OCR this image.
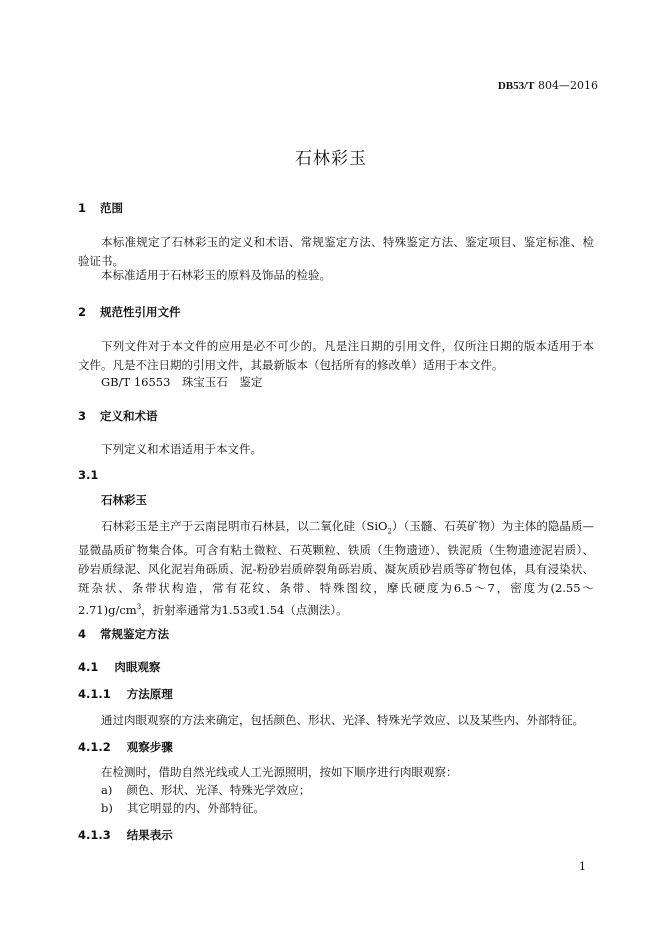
DB53/T 804—2016
石林彩玉
1 范围
本标准规定了石林彩玉的定义和术语、常规鉴定方法、特殊鉴定方法、鉴定项目、鉴定标准、检验证书。
本标准适用于石林彩玉的原料及饰品的检验。
2 规范性引用文件
下列文件对于本文件的应用是必不可少的。凡是注日期的引用文件，仅所注日期的版本适用于本文件。凡是不注日期的引用文件，其最新版本（包括所有的修改单）适用于本文件。
GB/T 16553　珠宝玉石　鉴定
3 定义和术语
下列定义和术语适用于本文件。
3.1
石林彩玉
石林彩玉是主产于云南昆明市石林县，以二氧化硅（SiO$_2$）（玉髓、石英矿物）为主体的隐晶质—显微晶质矿物集合体。可含有粘土微粒、石英颗粒、铁质（生物遗迹）、铁泥质（生物遗迹泥岩质）、砂岩质绿泥、风化泥岩角砾质、泥-粉砂岩质碎裂角砾岩质、凝灰质砂岩质等矿物包体，具有浸染状、斑杂状、条带状构造，常有花纹、条带、特殊图纹，摩氏硬度为6.5～7，密度为$(2.55\sim 2.71)g/cm^3$，折射率通常为1.53或1.54（点测法）。
4 常规鉴定方法
4.1 肉眼观察
4.1.1 方法原理
通过肉眼观察的方法来确定，包括颜色、形状、光泽、特殊光学效应、以及某些内、外部特征。
4.1.2 观察步骤
在检测时，借助自然光线或人工光源照明，按如下顺序进行肉眼观察：
a) 颜色、形状、光泽、特殊光学效应；
b) 其它明显的内、外部特征。
4.1.3 结果表示
1
